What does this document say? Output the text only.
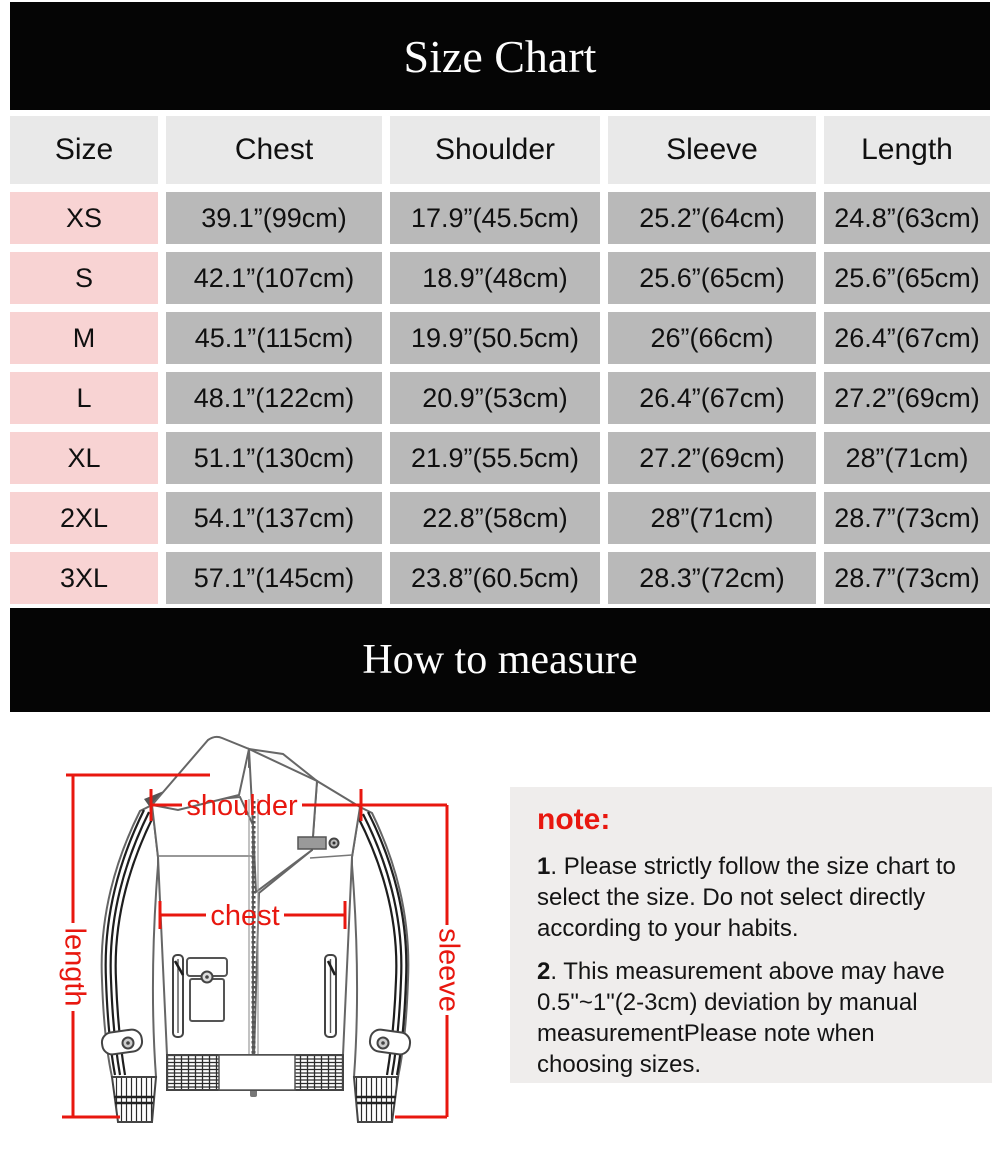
Size Chart
Size	Chest	Shoulder	Sleeve	Length
XS	39.1”(99cm)	17.9”(45.5cm)	25.2”(64cm)	24.8”(63cm)
S	42.1”(107cm)	18.9”(48cm)	25.6”(65cm)	25.6”(65cm)
M	45.1”(115cm)	19.9”(50.5cm)	26”(66cm)	26.4”(67cm)
L	48.1”(122cm)	20.9”(53cm)	26.4”(67cm)	27.2”(69cm)
XL	51.1”(130cm)	21.9”(55.5cm)	27.2”(69cm)	28”(71cm)
2XL	54.1”(137cm)	22.8”(58cm)	28”(71cm)	28.7”(73cm)
3XL	57.1”(145cm)	23.8”(60.5cm)	28.3”(72cm)	28.7”(73cm)
How to measure
shoulder
chest
length	sleeve
note:
1. Please strictly follow the size chart to select the size. Do not select directly according to your habits.
2. This measurement above may have 0.5"~1"(2-3cm) deviation by manual measurementPlease note when choosing sizes.
